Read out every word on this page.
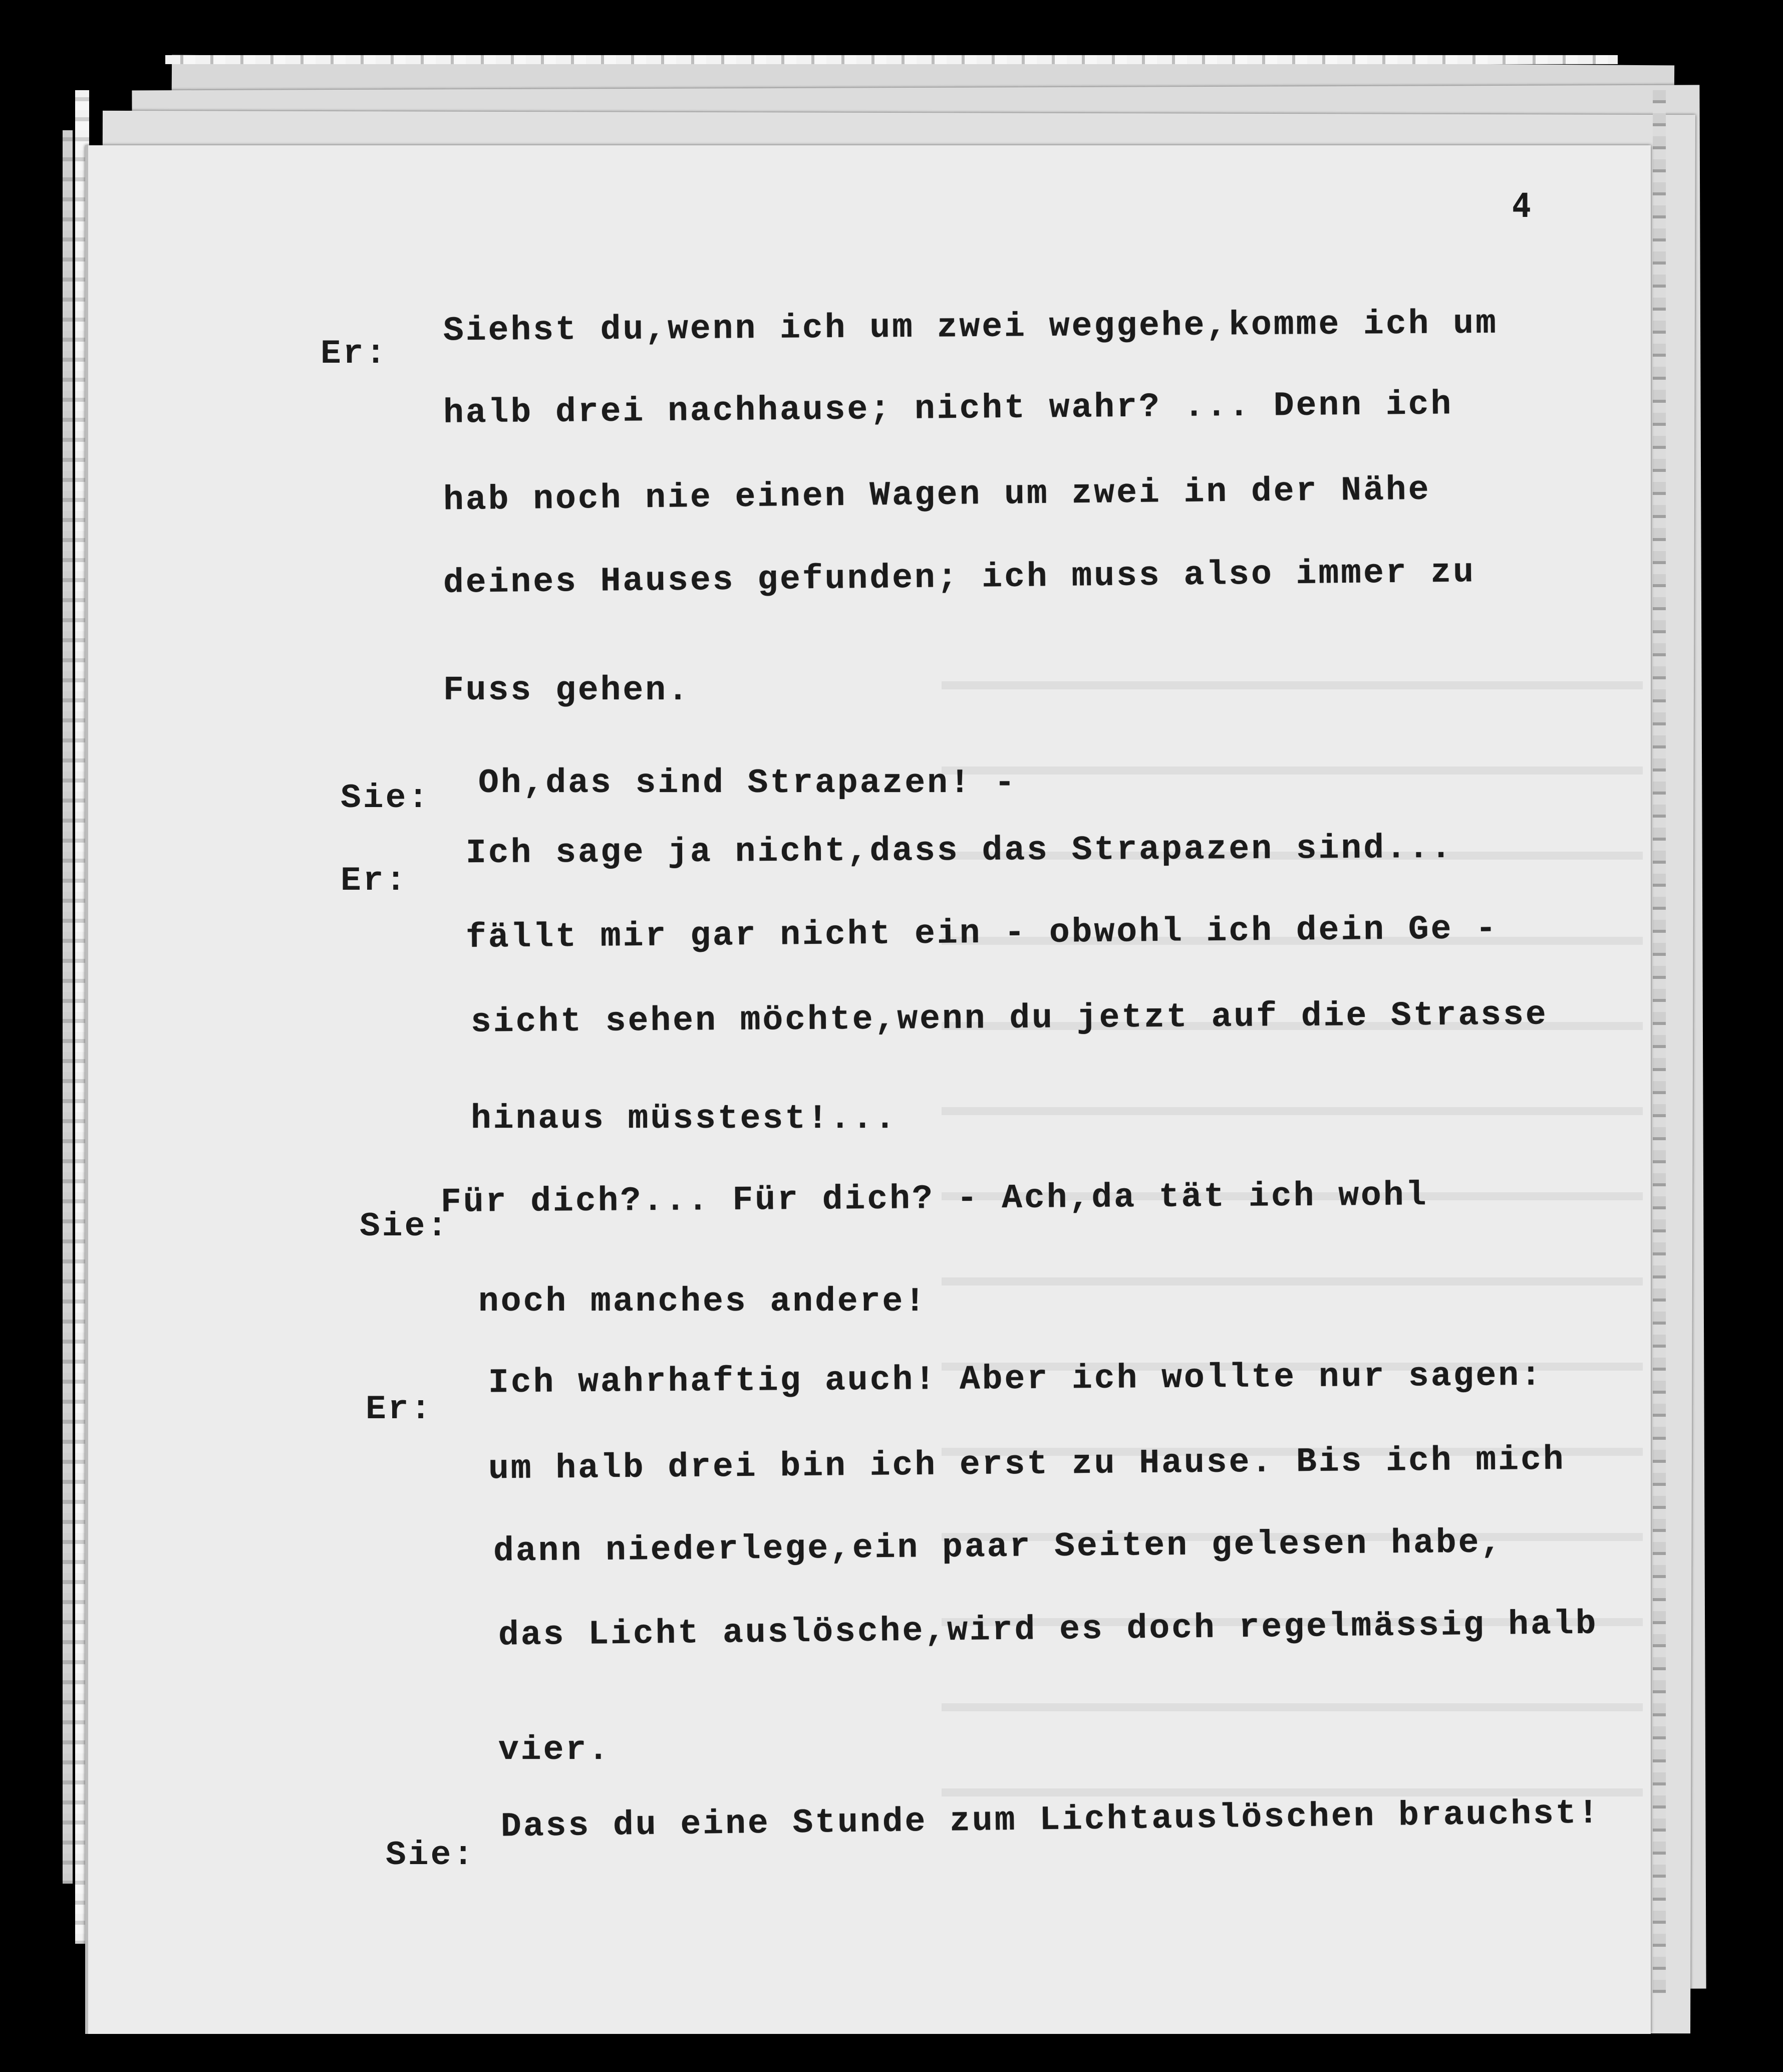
4
Er:
Siehst du,wenn ich um zwei weggehe,komme ich um
halb drei nachhause; nicht wahr? ... Denn ich
hab noch nie einen Wagen um zwei in der Nähe
deines Hauses gefunden; ich muss also immer zu
Fuss gehen.
Sie: Oh,das sind Strapazen! -
Er:
Ich sage ja nicht,dass das Strapazen sind...
fällt mir gar nicht ein - obwohl ich dein Ge -
sicht sehen möchte,wenn du jetzt auf die Strasse
hinaus müsstest!...
Sie:
Für dich?... Für dich? - Ach,da tät ich wohl
noch manches andere!
Er:
Ich wahrhaftig auch! Aber ich wollte nur sagen:
um halb drei bin ich erst zu Hause. Bis ich mich
dann niederlege,ein paar Seiten gelesen habe,
das Licht auslösche,wird es doch regelmässig halb
vier.
Sie:
Dass du eine Stunde zum Lichtauslöschen brauchst!
